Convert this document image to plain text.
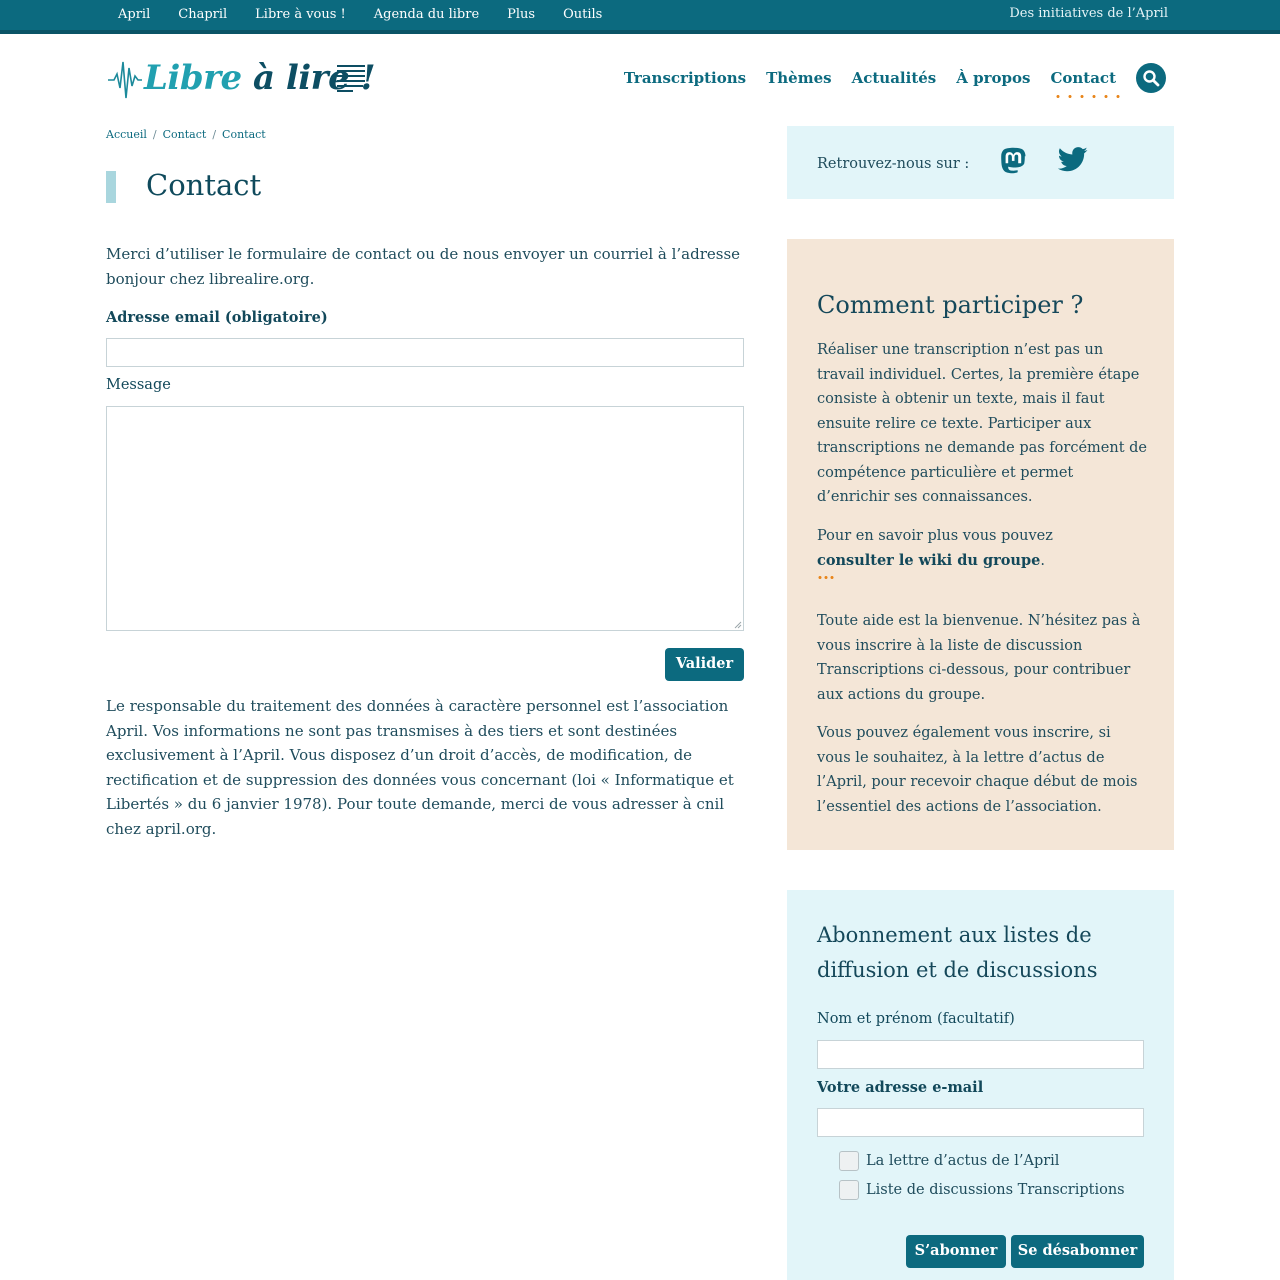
April	Chapril	Libre à vous !	Agenda du libre	Plus	Outils	Des initiatives de l’April
Libre à lire !	Transcriptions Thèmes Actualités À propos Contact
Accueil / Contact / Contact
Contact

Merci d’utiliser le formulaire de contact ou de nous envoyer un courriel à l’adresse bonjour chez librealire.org.

Adresse email (obligatoire)
Message
Valider

Le responsable du traitement des données à caractère personnel est l’association April. Vos informations ne sont pas transmises à des tiers et sont destinées exclusivement à l’April. Vous disposez d’un droit d’accès, de modification, de rectification et de suppression des données vous concernant (loi « Informatique et Libertés » du 6 janvier 1978). Pour toute demande, merci de vous adresser à cnil chez april.org.

Retrouvez-nous sur :
Comment participer ?

Réaliser une transcription n’est pas un travail individuel. Certes, la première étape consiste à obtenir un texte, mais il faut ensuite relire ce texte. Participer aux transcriptions ne demande pas forcément de compétence particulière et permet d’enrichir ses connaissances.

Pour en savoir plus vous pouvez
consulter le wiki du groupe
.

Toute aide est la bienvenue. N’hésitez pas à vous inscrire à la liste de discussion Transcriptions ci-dessous, pour contribuer aux actions du groupe.

Vous pouvez également vous inscrire, si vous le souhaitez, à la lettre d’actus de l’April, pour recevoir chaque début de mois l’essentiel des actions de l’association.

Abonnement aux listes de diffusion et de discussions
Nom et prénom (facultatif)
Votre adresse e-mail
La lettre d’actus de l’April
Liste de discussions Transcriptions
S’abonner	Se désabonner
